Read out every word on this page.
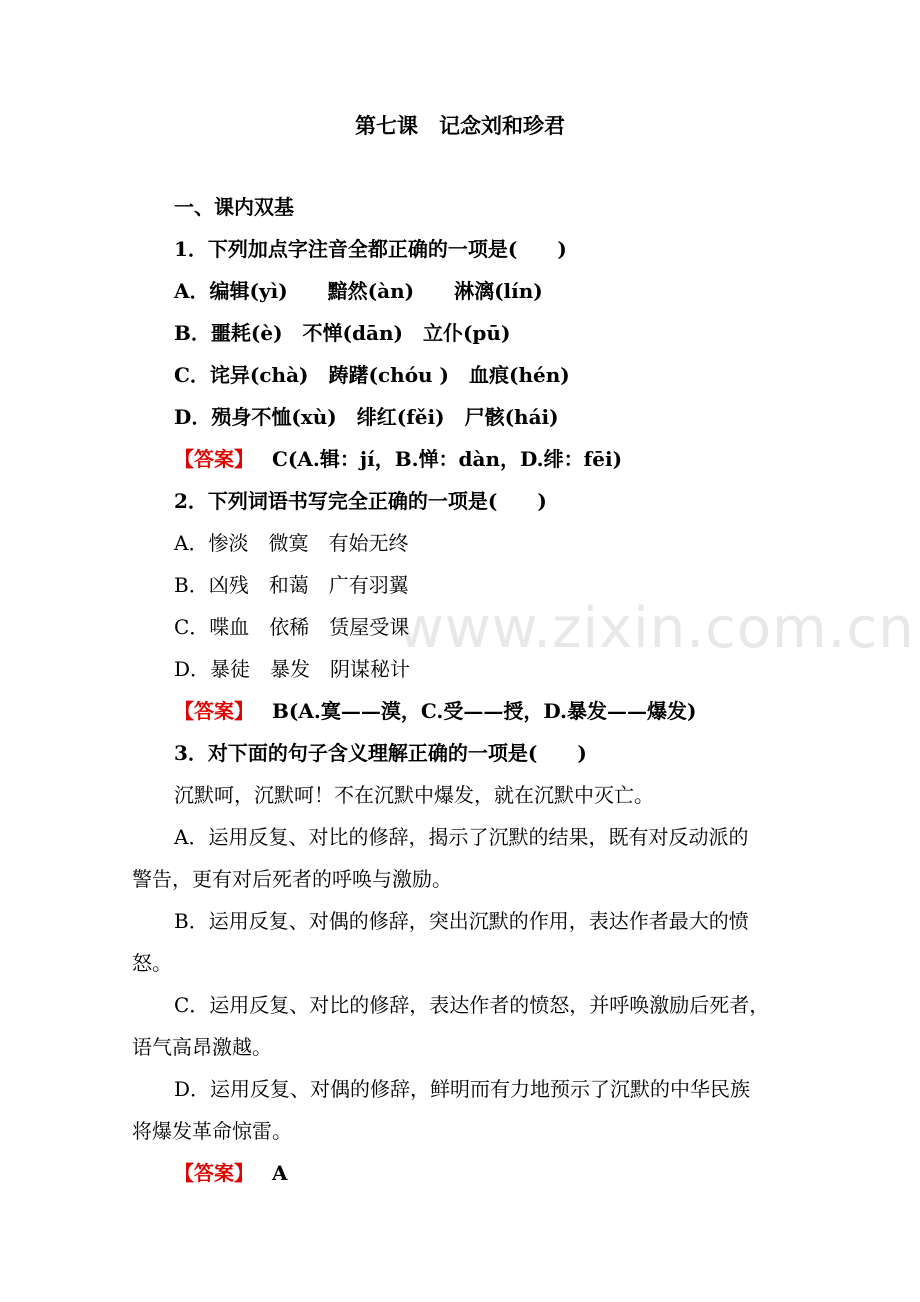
www.zixin.com.cn
第七课　记念刘和珍君
一、课内双基
1．下列加点字注音全都正确的一项是(　　)
A．编辑(yì)　　黯然(àn)　　淋漓(lín)
B．噩耗(è)　不惮(dān)　立仆(pū)
C．诧异(chà)　踌躇(chóu )　血痕(hén)
D．殒身不恤(xù)　绯红(fěi)　尸骸(hái)
【答案】 C(A.辑：jí，B.惮：dàn，D.绯：fēi)
2．下列词语书写完全正确的一项是(　　)
A．惨淡　微寞　有始无终
B．凶残　和蔼　广有羽翼
C．喋血　依稀　赁屋受课
D．暴徒　暴发　阴谋秘计
【答案】 B(A.寞——漠，C.受——授，D.暴发——爆发)
3．对下面的句子含义理解正确的一项是(　　)
沉默呵，沉默呵！不在沉默中爆发，就在沉默中灭亡。
A．运用反复、对比的修辞，揭示了沉默的结果，既有对反动派的
警告，更有对后死者的呼唤与激励。
B．运用反复、对偶的修辞，突出沉默的作用，表达作者最大的愤
怒。
C．运用反复、对比的修辞，表达作者的愤怒，并呼唤激励后死者，
语气高昂激越。
D．运用反复、对偶的修辞，鲜明而有力地预示了沉默的中华民族
将爆发革命惊雷。
【答案】 A
